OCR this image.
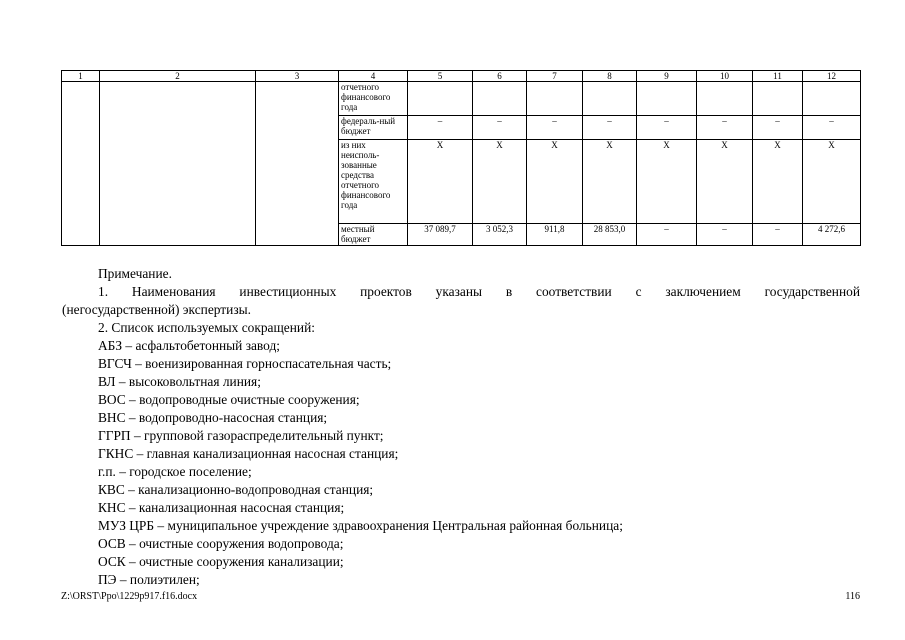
1	2	3	4	5	6	7	8	9	10	11	12
			отчетного финансового года								
			федераль-ный бюджет	–	–	–	–	–	–	–	–
			из них неисполь-зованные средства отчетного финансового года	Х	Х	Х	Х	Х	Х	Х	Х
			местный бюджет	37 089,7	3 052,3	911,8	28 853,0	–	–	–	4 272,6

Примечание.

1. Наименования инвестиционных проектов указаны в соответствии с заключением государственной

(негосударственной) экспертизы.

2. Список используемых сокращений:

АБЗ – асфальтобетонный завод;

ВГСЧ – военизированная горноспасательная часть;

ВЛ – высоковольтная линия;

ВОС – водопроводные очистные сооружения;

ВНС – водопроводно-насосная станция;

ГГРП – групповой газораспределительный пункт;

ГКНС – главная канализационная насосная станция;

г.п. – городское поселение;

КВС – канализационно-водопроводная станция;

КНС – канализационная насосная станция;

МУЗ ЦРБ – муниципальное учреждение здравоохранения Центральная районная больница;

ОСВ – очистные сооружения водопровода;

ОСК – очистные сооружения канализации;

ПЭ – полиэтилен;

Z:\ORST\Ppo\1229p917.f16.docx	116
